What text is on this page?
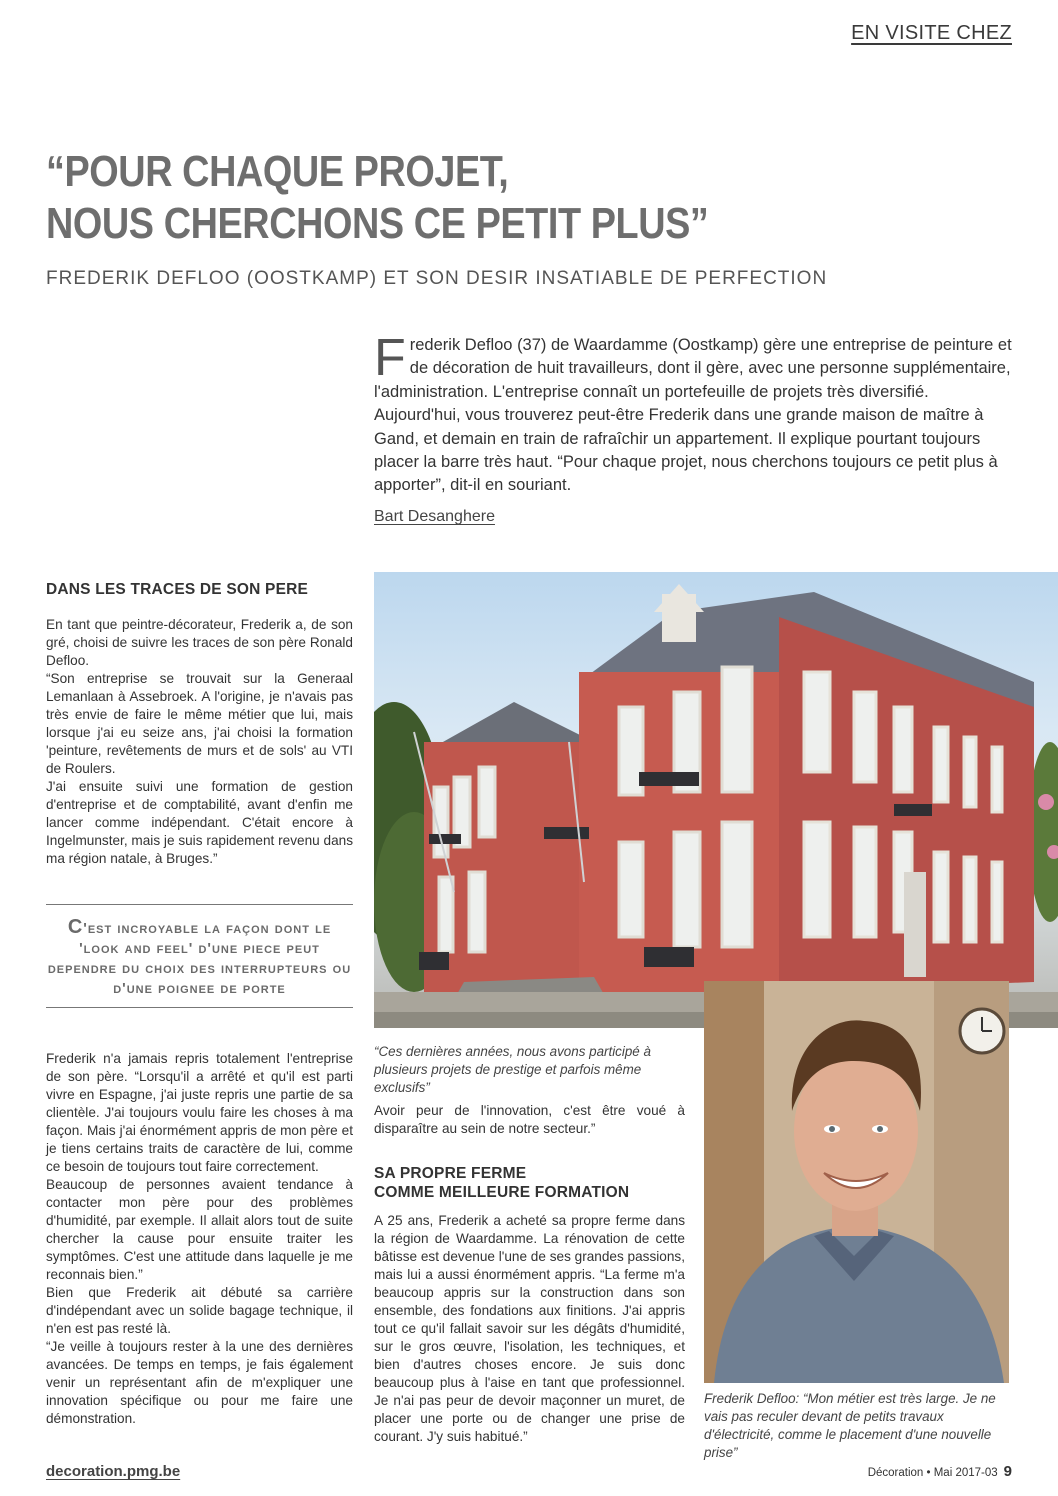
EN VISITE CHEZ
“POUR CHAQUE PROJET,
NOUS CHERCHONS CE PETIT PLUS”
FREDERIK DEFLOO (OOSTKAMP) ET SON DESIR INSATIABLE DE PERFECTION

Frederik Defloo (37) de Waardamme (Oostkamp) gère une entreprise de peinture et de décoration de huit travailleurs, dont il gère, avec une personne supplémentaire, l'administration. L'entreprise connaît un portefeuille de projets très diversifié. Aujourd'hui, vous trouverez peut-être Frederik dans une grande maison de maître à Gand, et demain en train de rafraîchir un appartement. Il explique pourtant toujours placer la barre très haut. “Pour chaque projet, nous cherchons toujours ce petit plus à apporter”, dit-il en souriant.

Bart Desanghere
DANS LES TRACES DE SON PERE

En tant que peintre-décorateur, Frederik a, de son gré, choisi de suivre les traces de son père Ronald Defloo.

“Son entreprise se trouvait sur la Generaal Lemanlaan à Assebroek. A l'origine, je n'avais pas très envie de faire le même métier que lui, mais lorsque j'ai eu seize ans, j'ai choisi la formation 'peinture, revêtements de murs et de sols' au VTI de Roulers.

J'ai ensuite suivi une formation de gestion d'entreprise et de comptabilité, avant d'enfin me lancer comme indépendant. C'était encore à Ingelmunster, mais je suis rapidement revenu dans ma région natale, à Bruges.”

C'est incroyable la façon dont le 'look and feel' d'une piece peut dependre du choix des interrupteurs ou d'une poignee de porte

Frederik n'a jamais repris totalement l'entreprise de son père. “Lorsqu'il a arrêté et qu'il est parti vivre en Espagne, j'ai juste repris une partie de sa clientèle. J'ai toujours voulu faire les choses à ma façon. Mais j'ai énormément appris de mon père et je tiens certains traits de caractère de lui, comme ce besoin de toujours tout faire correctement.

Beaucoup de personnes avaient tendance à contacter mon père pour des problèmes d'humidité, par exemple. Il allait alors tout de suite chercher la cause pour ensuite traiter les symptômes. C'est une attitude dans laquelle je me reconnais bien.”

Bien que Frederik ait débuté sa carrière d'indépendant avec un solide bagage technique, il n'en est pas resté là.

“Je veille à toujours rester à la une des dernières avancées. De temps en temps, je fais également venir un représentant afin de m'expliquer une innovation spécifique ou pour me faire une démonstration.

“Ces dernières années, nous avons participé à plusieurs projets de prestige et parfois même exclusifs”

Avoir peur de l'innovation, c'est être voué à disparaître au sein de notre secteur.”

SA PROPRE FERME
COMME MEILLEURE FORMATION

A 25 ans, Frederik a acheté sa propre ferme dans la région de Waardamme. La rénovation de cette bâtisse est devenue l'une de ses grandes passions, mais lui a aussi énormément appris. “La ferme m'a beaucoup appris sur la construction dans son ensemble, des fondations aux finitions. J'ai appris tout ce qu'il fallait savoir sur les dégâts d'humidité, sur le gros œuvre, l'isolation, les techniques, et bien d'autres choses encore. Je suis donc beaucoup plus à l'aise en tant que professionnel. Je n'ai pas peur de devoir maçonner un muret, de placer une porte ou de changer une prise de courant. J'y suis habitué.”

Frederik Defloo: “Mon métier est très large. Je ne vais pas reculer devant de petits travaux d'électricité, comme le placement d'une nouvelle prise”

decoration.pmg.be	Décoration • Mai 2017-03 9
